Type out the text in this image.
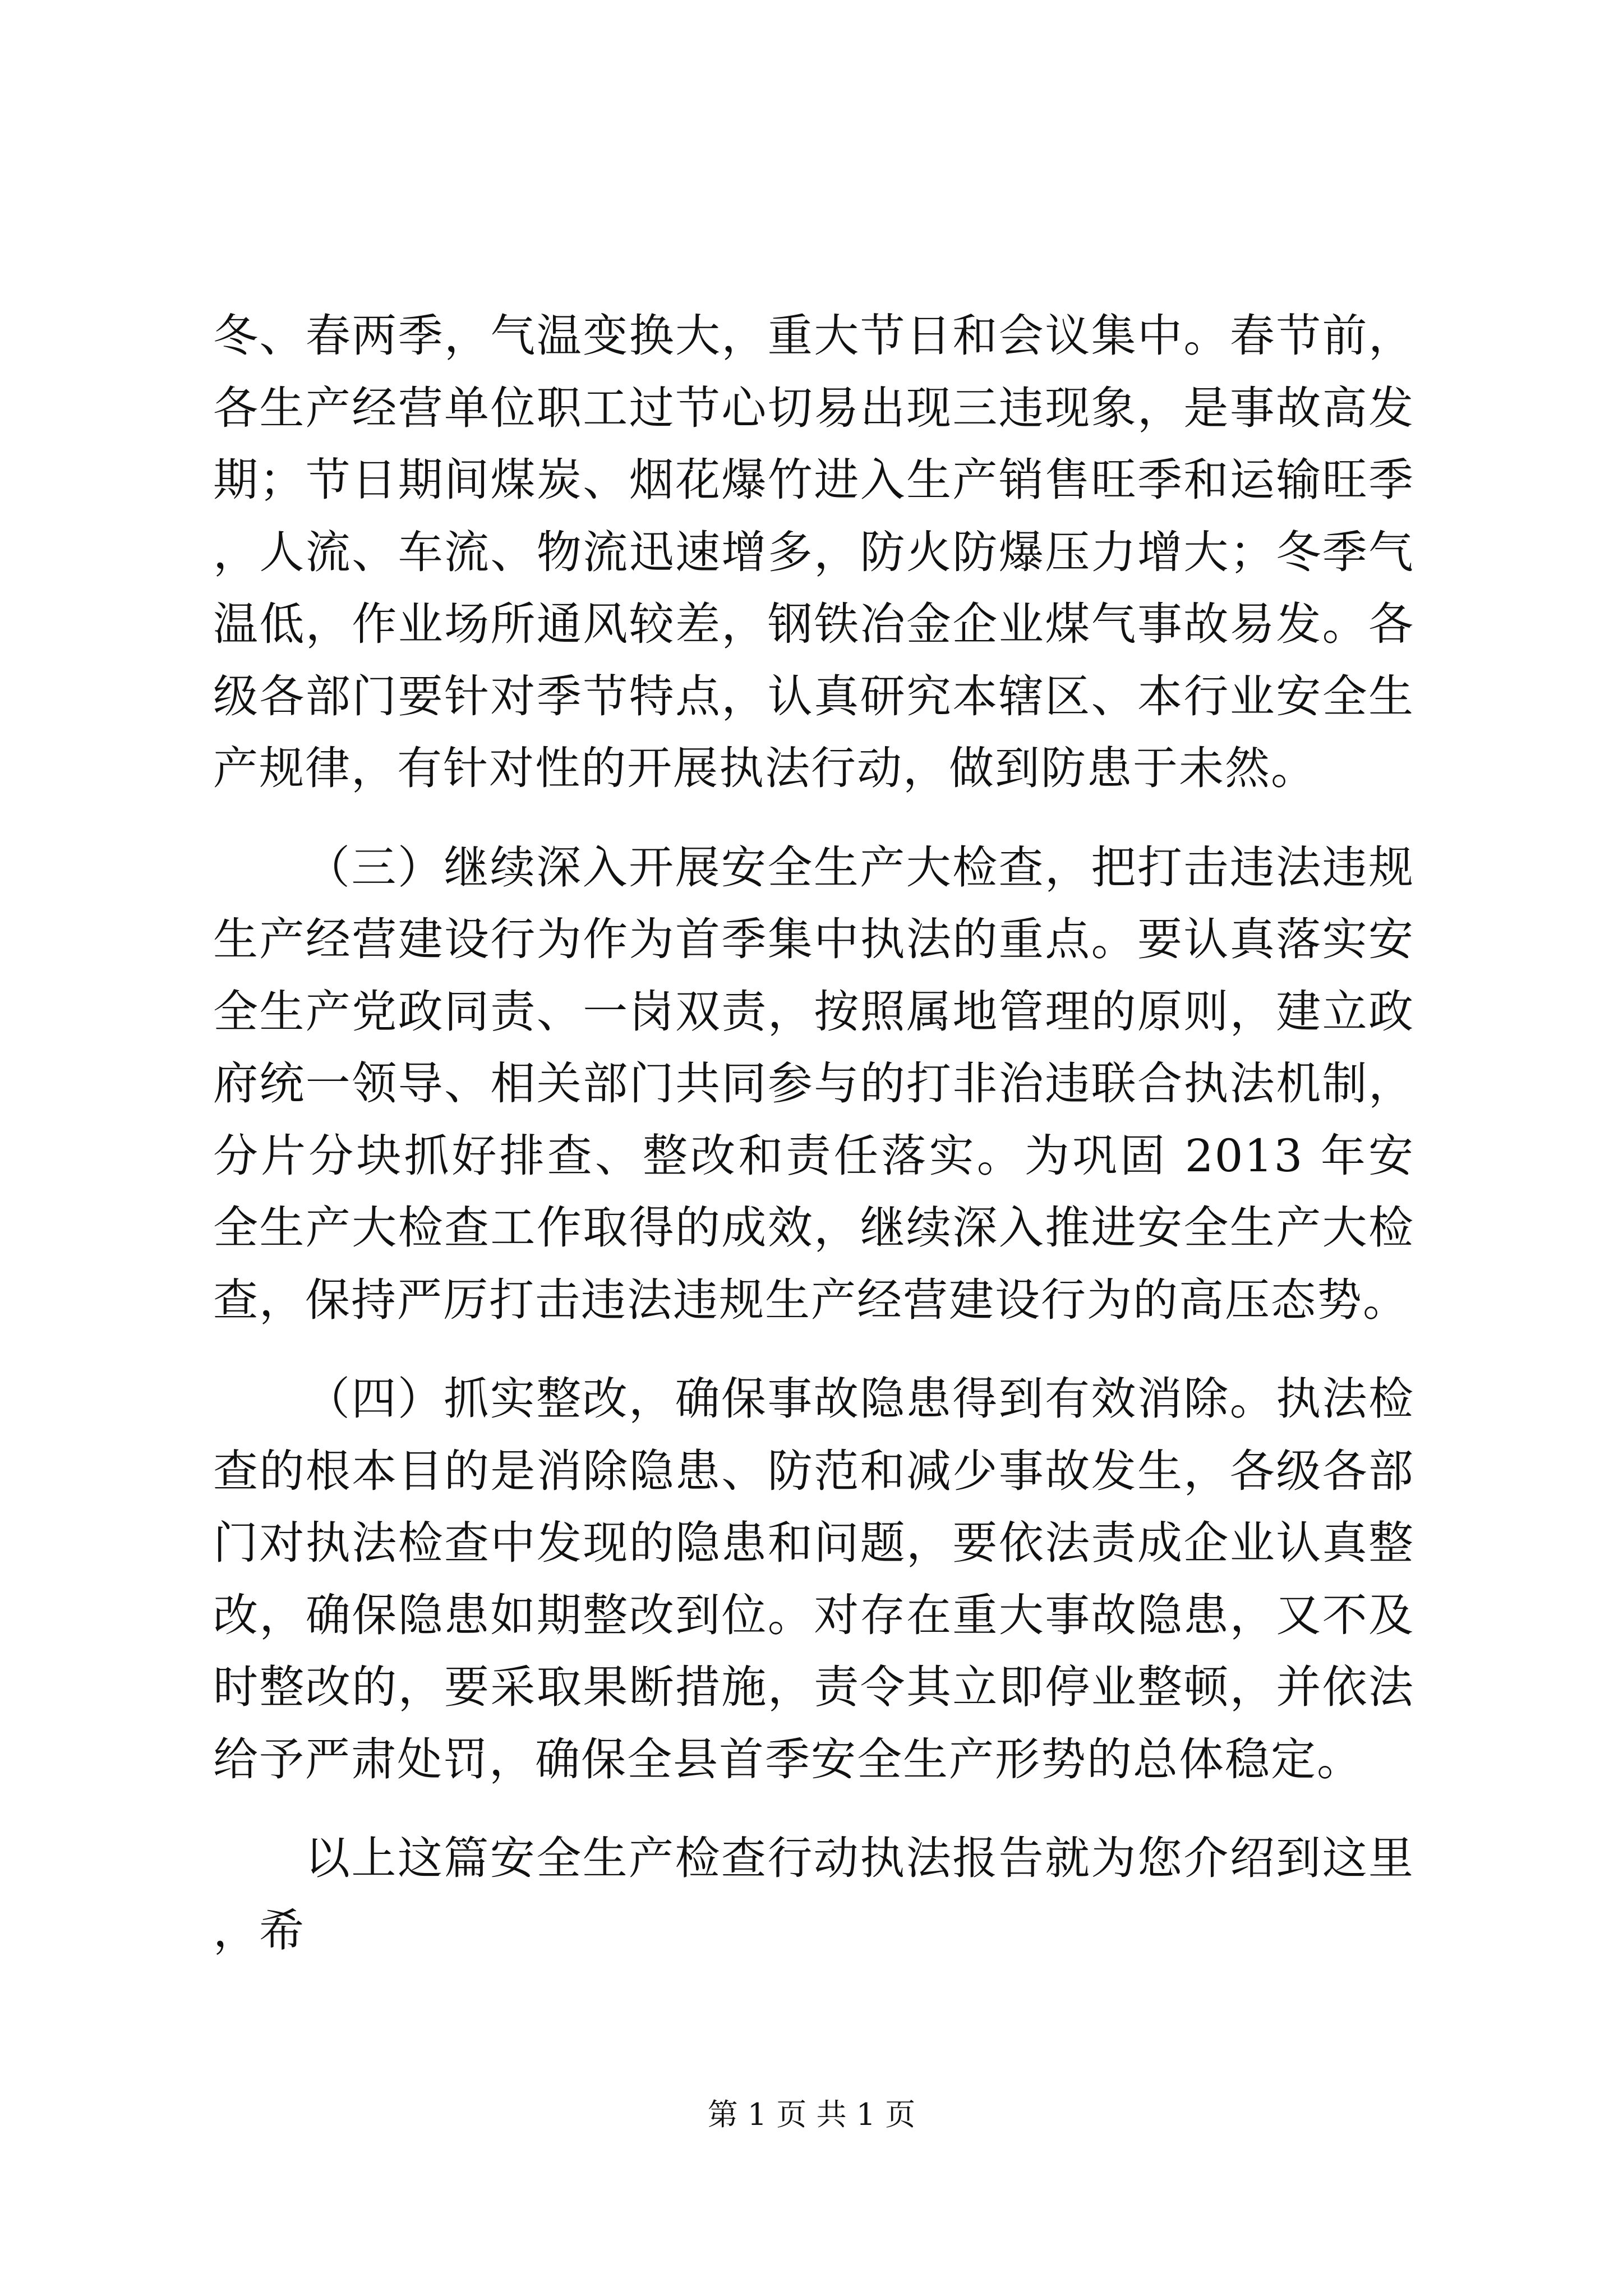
冬、春两季，气温变换大，重大节日和会议集中。春节前，各生产经营单位职工过节心切易出现三违现象，是事故高发期；节日期间煤炭、烟花爆竹进入生产销售旺季和运输旺季，人流、车流、物流迅速增多，防火防爆压力增大；冬季气温低，作业场所通风较差，钢铁冶金企业煤气事故易发。各级各部门要针对季节特点，认真研究本辖区、本行业安全生产规律，有针对性的开展执法行动，做到防患于未然。

（三）继续深入开展安全生产大检查，把打击违法违规生产经营建设行为作为首季集中执法的重点。要认真落实安全生产党政同责、一岗双责，按照属地管理的原则，建立政府统一领导、相关部门共同参与的打非治违联合执法机制，分片分块抓好排查、整改和责任落实。为巩固 2013 年安全生产大检查工作取得的成效，继续深入推进安全生产大检查，保持严厉打击违法违规生产经营建设行为的高压态势。

（四）抓实整改，确保事故隐患得到有效消除。执法检查的根本目的是消除隐患、防范和减少事故发生，各级各部门对执法检查中发现的隐患和问题，要依法责成企业认真整改，确保隐患如期整改到位。对存在重大事故隐患，又不及时整改的，要采取果断措施，责令其立即停业整顿，并依法给予严肃处罚，确保全县首季安全生产形势的总体稳定。

以上这篇安全生产检查行动执法报告就为您介绍到这里，希

第 1 页 共 1 页
